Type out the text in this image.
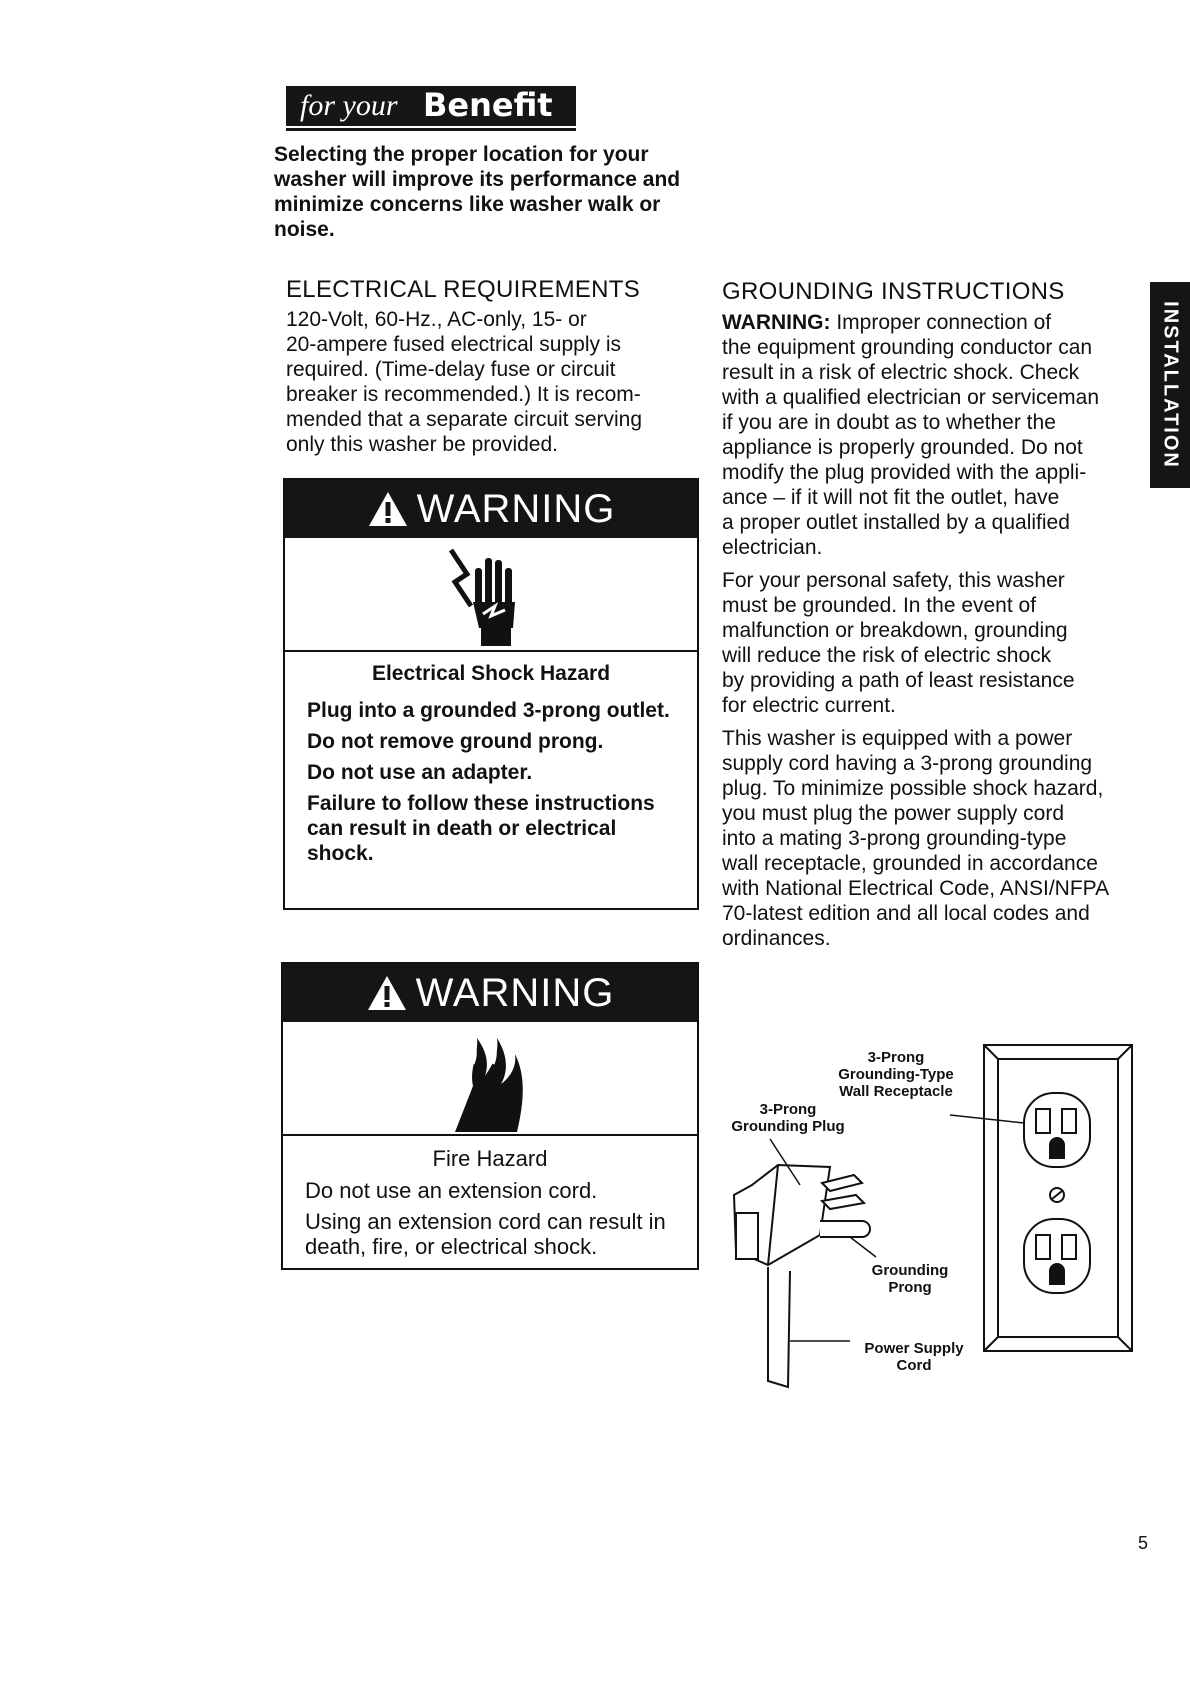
for your Benefit
Selecting the proper location for your washer will improve its performance and minimize concerns like washer walk or noise.
ELECTRICAL REQUIREMENTS
120-Volt, 60-Hz., AC-only, 15- or
20-ampere fused electrical supply is
required. (Time-delay fuse or circuit
breaker is recommended.) It is recom-
mended that a separate circuit serving
only this washer be provided.
WARNING
Electrical Shock Hazard
Plug into a grounded 3-prong outlet.
Do not remove ground prong.
Do not use an adapter.
Failure to follow these instructions can result in death or electrical shock.
WARNING
Fire Hazard
Do not use an extension cord.
Using an extension cord can result in death, fire, or electrical shock.
GROUNDING INSTRUCTIONS
WARNING: Improper connection of
the equipment grounding conductor can
result in a risk of electric shock. Check
with a qualified electrician or serviceman
if you are in doubt as to whether the
appliance is properly grounded. Do not
modify the plug provided with the appli-
ance – if it will not fit the outlet, have
a proper outlet installed by a qualified
electrician.
For your personal safety, this washer
must be grounded. In the event of
malfunction or breakdown, grounding
will reduce the risk of electric shock
by providing a path of least resistance
for electric current.
This washer is equipped with a power
supply cord having a 3-prong grounding
plug. To minimize possible shock hazard,
you must plug the power supply cord
into a mating 3-prong grounding-type
wall receptacle, grounded in accordance
with National Electrical Code, ANSI/NFPA
70-latest edition and all local codes and
ordinances.
INSTALLATION
3-Prong
Grounding-Type
Wall Receptacle
3-Prong
Grounding Plug
Grounding
Prong
Power Supply
Cord
5
